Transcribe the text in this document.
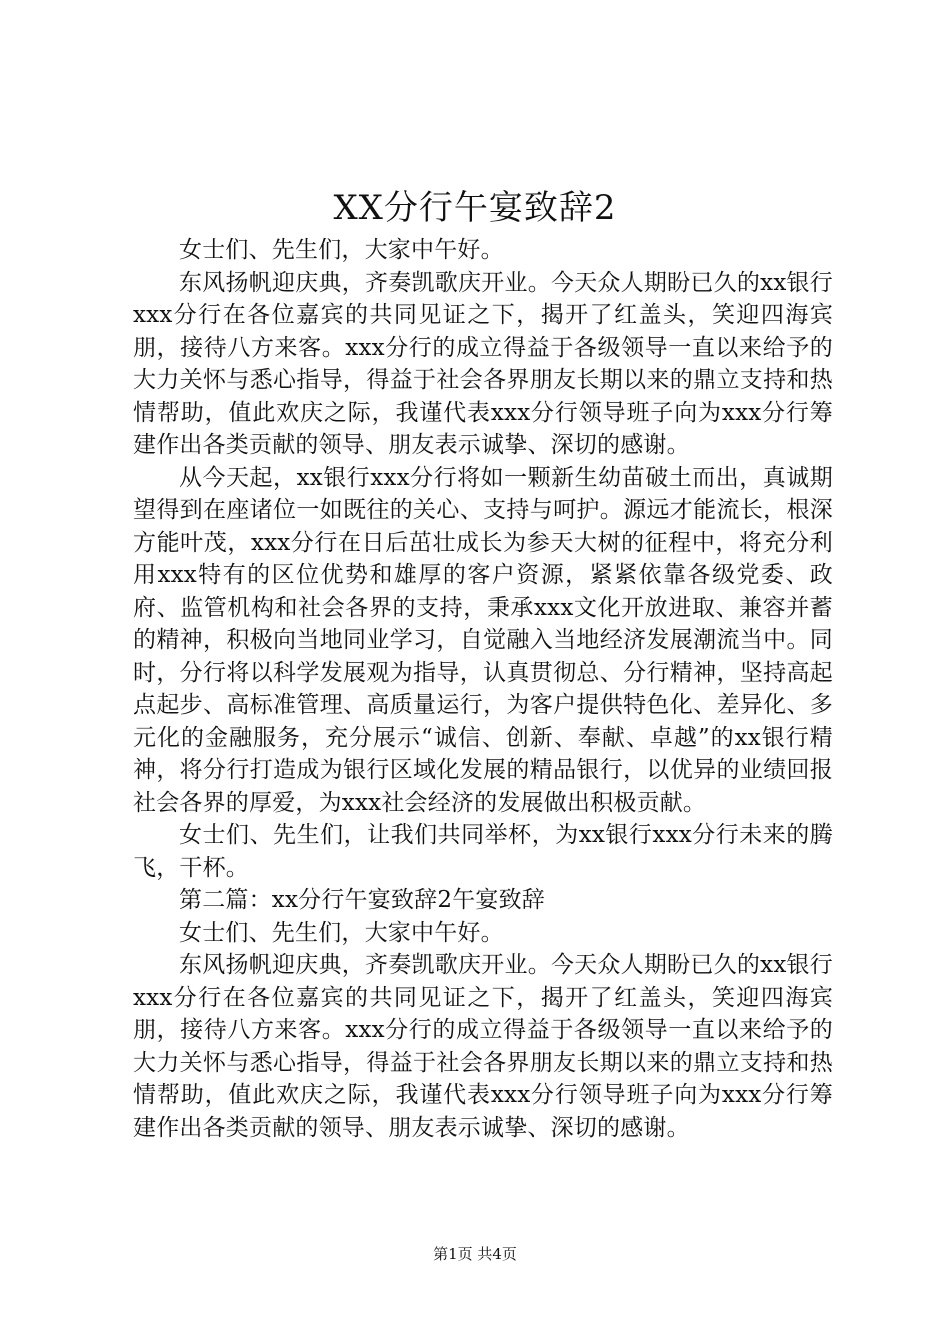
XX分行午宴致辞2

女士们、先生们，大家中午好。

东风扬帆迎庆典，齐奏凯歌庆开业。今天众人期盼已久的xx银行xxx分行在各位嘉宾的共同见证之下，揭开了红盖头，笑迎四海宾朋，接待八方来客。xxx分行的成立得益于各级领导一直以来给予的大力关怀与悉心指导，得益于社会各界朋友长期以来的鼎立支持和热情帮助，值此欢庆之际，我谨代表xxx分行领导班子向为xxx分行筹建作出各类贡献的领导、朋友表示诚挚、深切的感谢。

从今天起，xx银行xxx分行将如一颗新生幼苗破土而出，真诚期望得到在座诸位一如既往的关心、支持与呵护。源远才能流长，根深方能叶茂，xxx分行在日后茁壮成长为参天大树的征程中，将充分利用xxx特有的区位优势和雄厚的客户资源，紧紧依靠各级党委、政府、监管机构和社会各界的支持，秉承xxx文化开放进取、兼容并蓄的精神，积极向当地同业学习，自觉融入当地经济发展潮流当中。同时，分行将以科学发展观为指导，认真贯彻总、分行精神，坚持高起点起步、高标准管理、高质量运行，为客户提供特色化、差异化、多元化的金融服务，充分展示“诚信、创新、奉献、卓越”的xx银行精神，将分行打造成为银行区域化发展的精品银行，以优异的业绩回报社会各界的厚爱，为xxx社会经济的发展做出积极贡献。

女士们、先生们，让我们共同举杯，为xx银行xxx分行未来的腾飞，干杯。

第二篇：xx分行午宴致辞2午宴致辞

女士们、先生们，大家中午好。

东风扬帆迎庆典，齐奏凯歌庆开业。今天众人期盼已久的xx银行xxx分行在各位嘉宾的共同见证之下，揭开了红盖头，笑迎四海宾朋，接待八方来客。xxx分行的成立得益于各级领导一直以来给予的大力关怀与悉心指导，得益于社会各界朋友长期以来的鼎立支持和热情帮助，值此欢庆之际，我谨代表xxx分行领导班子向为xxx分行筹建作出各类贡献的领导、朋友表示诚挚、深切的感谢。

第1页 共4页
